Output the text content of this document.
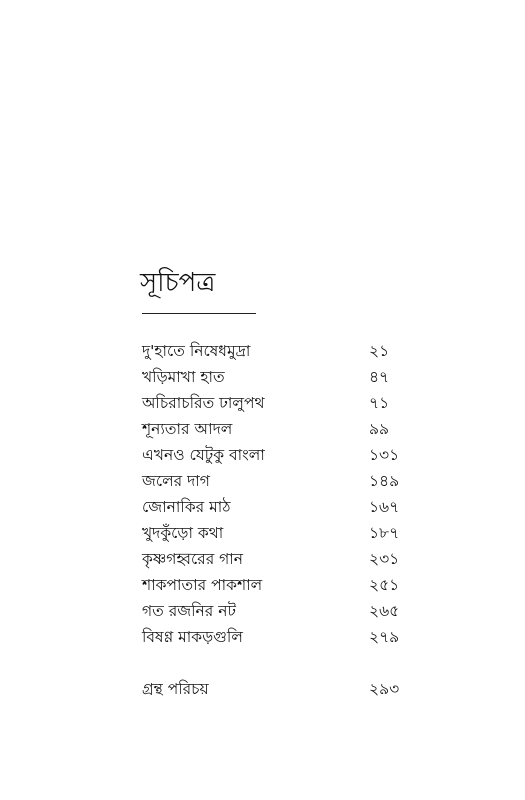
সূচিপত্র
দু'হাতে নিষেধমুদ্রা	২১
খড়িমাখা হাত	৪৭
অচিরাচরিত ঢালুপথ	৭১
শূন্যতার আদল	৯৯
এখনও যেটুকু বাংলা	১৩১
জলের দাগ	১৪৯
জোনাকির মাঠ	১৬৭
খুদকুঁড়ো কথা	১৮৭
কৃষ্ণগহ্বরের গান	২৩১
শাকপাতার পাকশাল	২৫১
গত রজনির নট	২৬৫
বিষণ্ণ মাকড়গুলি	২৭৯
গ্রন্থ পরিচয়	২৯৩
